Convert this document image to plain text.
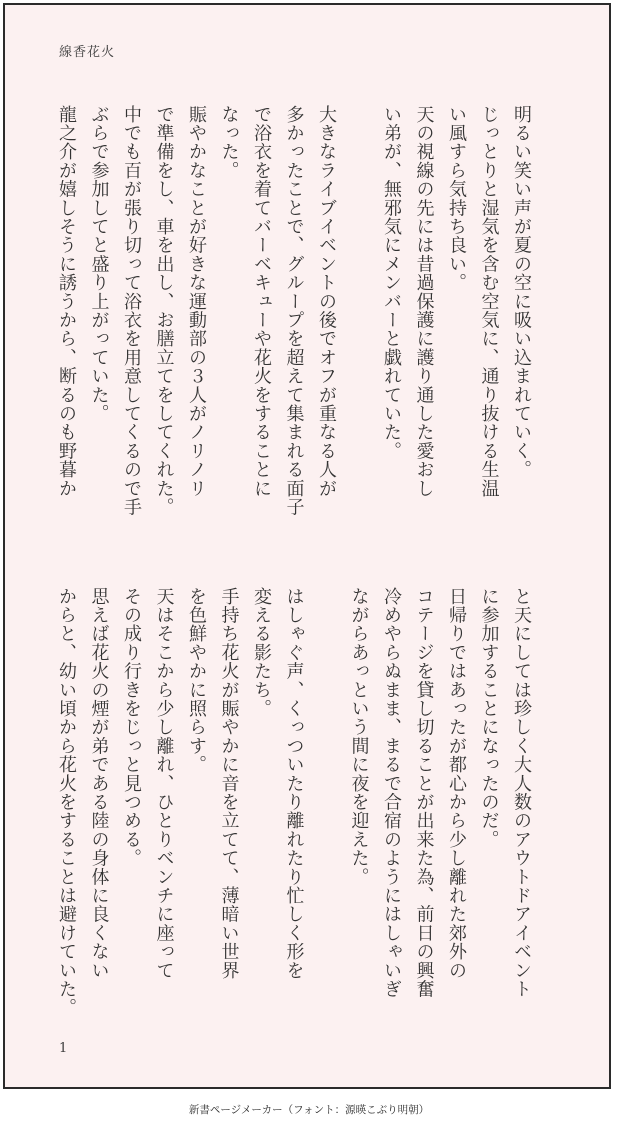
線香花火
明るい笑い声が夏の空に吸い込まれていく。
じっとりと湿気を含む空気に、通り抜ける生温
い風すら気持ち良い。
天の視線の先には昔過保護に護り通した愛おし
い弟が、無邪気にメンバーと戯れていた。
大きなライブイベントの後でオフが重なる人が
多かったことで、グループを超えて集まれる面子
で浴衣を着てバーベキューや花火をすることに
なった。
賑やかなことが好きな運動部の３人がノリノリ
で準備をし、車を出し、お膳立てをしてくれた。
中でも百が張り切って浴衣を用意してくるので手
ぶらで参加してと盛り上がっていた。
龍之介が嬉しそうに誘うから、断るのも野暮か
と天にしては珍しく大人数のアウトドアイベント
に参加することになったのだ。
日帰りではあったが都心から少し離れた郊外の
コテージを貸し切ることが出来た為、前日の興奮
冷めやらぬまま、まるで合宿のようにはしゃいぎ
ながらあっという間に夜を迎えた。
はしゃぐ声、くっついたり離れたり忙しく形を
変える影たち。
手持ち花火が賑やかに音を立てて、薄暗い世界
を色鮮やかに照らす。
天はそこから少し離れ、ひとりベンチに座って
その成り行きをじっと見つめる。
思えば花火の煙が弟である陸の身体に良くない
からと、幼い頃から花火をすることは避けていた。
1
新書ページメーカー（フォント：源暎こぶり明朝）
